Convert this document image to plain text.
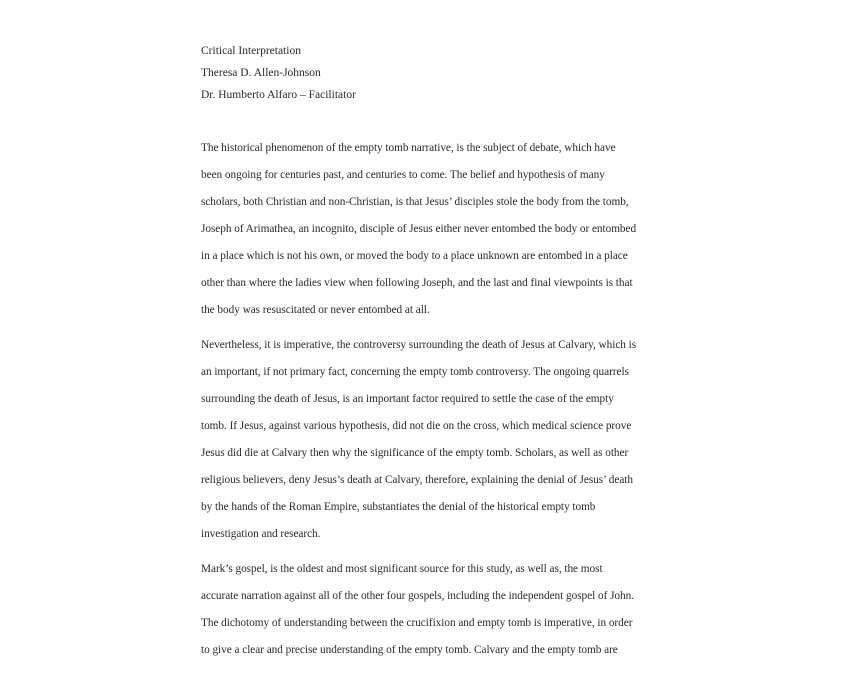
Critical Interpretation
Theresa D. Allen-Johnson
Dr. Humberto Alfaro – Facilitator
The historical phenomenon of the empty tomb narrative, is the subject of debate, which have
been ongoing for centuries past, and centuries to come. The belief and hypothesis of many
scholars, both Christian and non-Christian, is that Jesus’ disciples stole the body from the tomb,
Joseph of Arimathea, an incognito, disciple of Jesus either never entombed the body or entombed
in a place which is not his own, or moved the body to a place unknown are entombed in a place
other than where the ladies view when following Joseph, and the last and final viewpoints is that
the body was resuscitated or never entombed at all.
Nevertheless, it is imperative, the controversy surrounding the death of Jesus at Calvary, which is
an important, if not primary fact, concerning the empty tomb controversy. The ongoing quarrels
surrounding the death of Jesus, is an important factor required to settle the case of the empty
tomb. If Jesus, against various hypothesis, did not die on the cross, which medical science prove
Jesus did die at Calvary then why the significance of the empty tomb. Scholars, as well as other
religious believers, deny Jesus’s death at Calvary, therefore, explaining the denial of Jesus’ death
by the hands of the Roman Empire, substantiates the denial of the historical empty tomb
investigation and research.
Mark’s gospel, is the oldest and most significant source for this study, as well as, the most
accurate narration against all of the other four gospels, including the independent gospel of John.
The dichotomy of understanding between the crucifixion and empty tomb is imperative, in order
to give a clear and precise understanding of the empty tomb. Calvary and the empty tomb are
